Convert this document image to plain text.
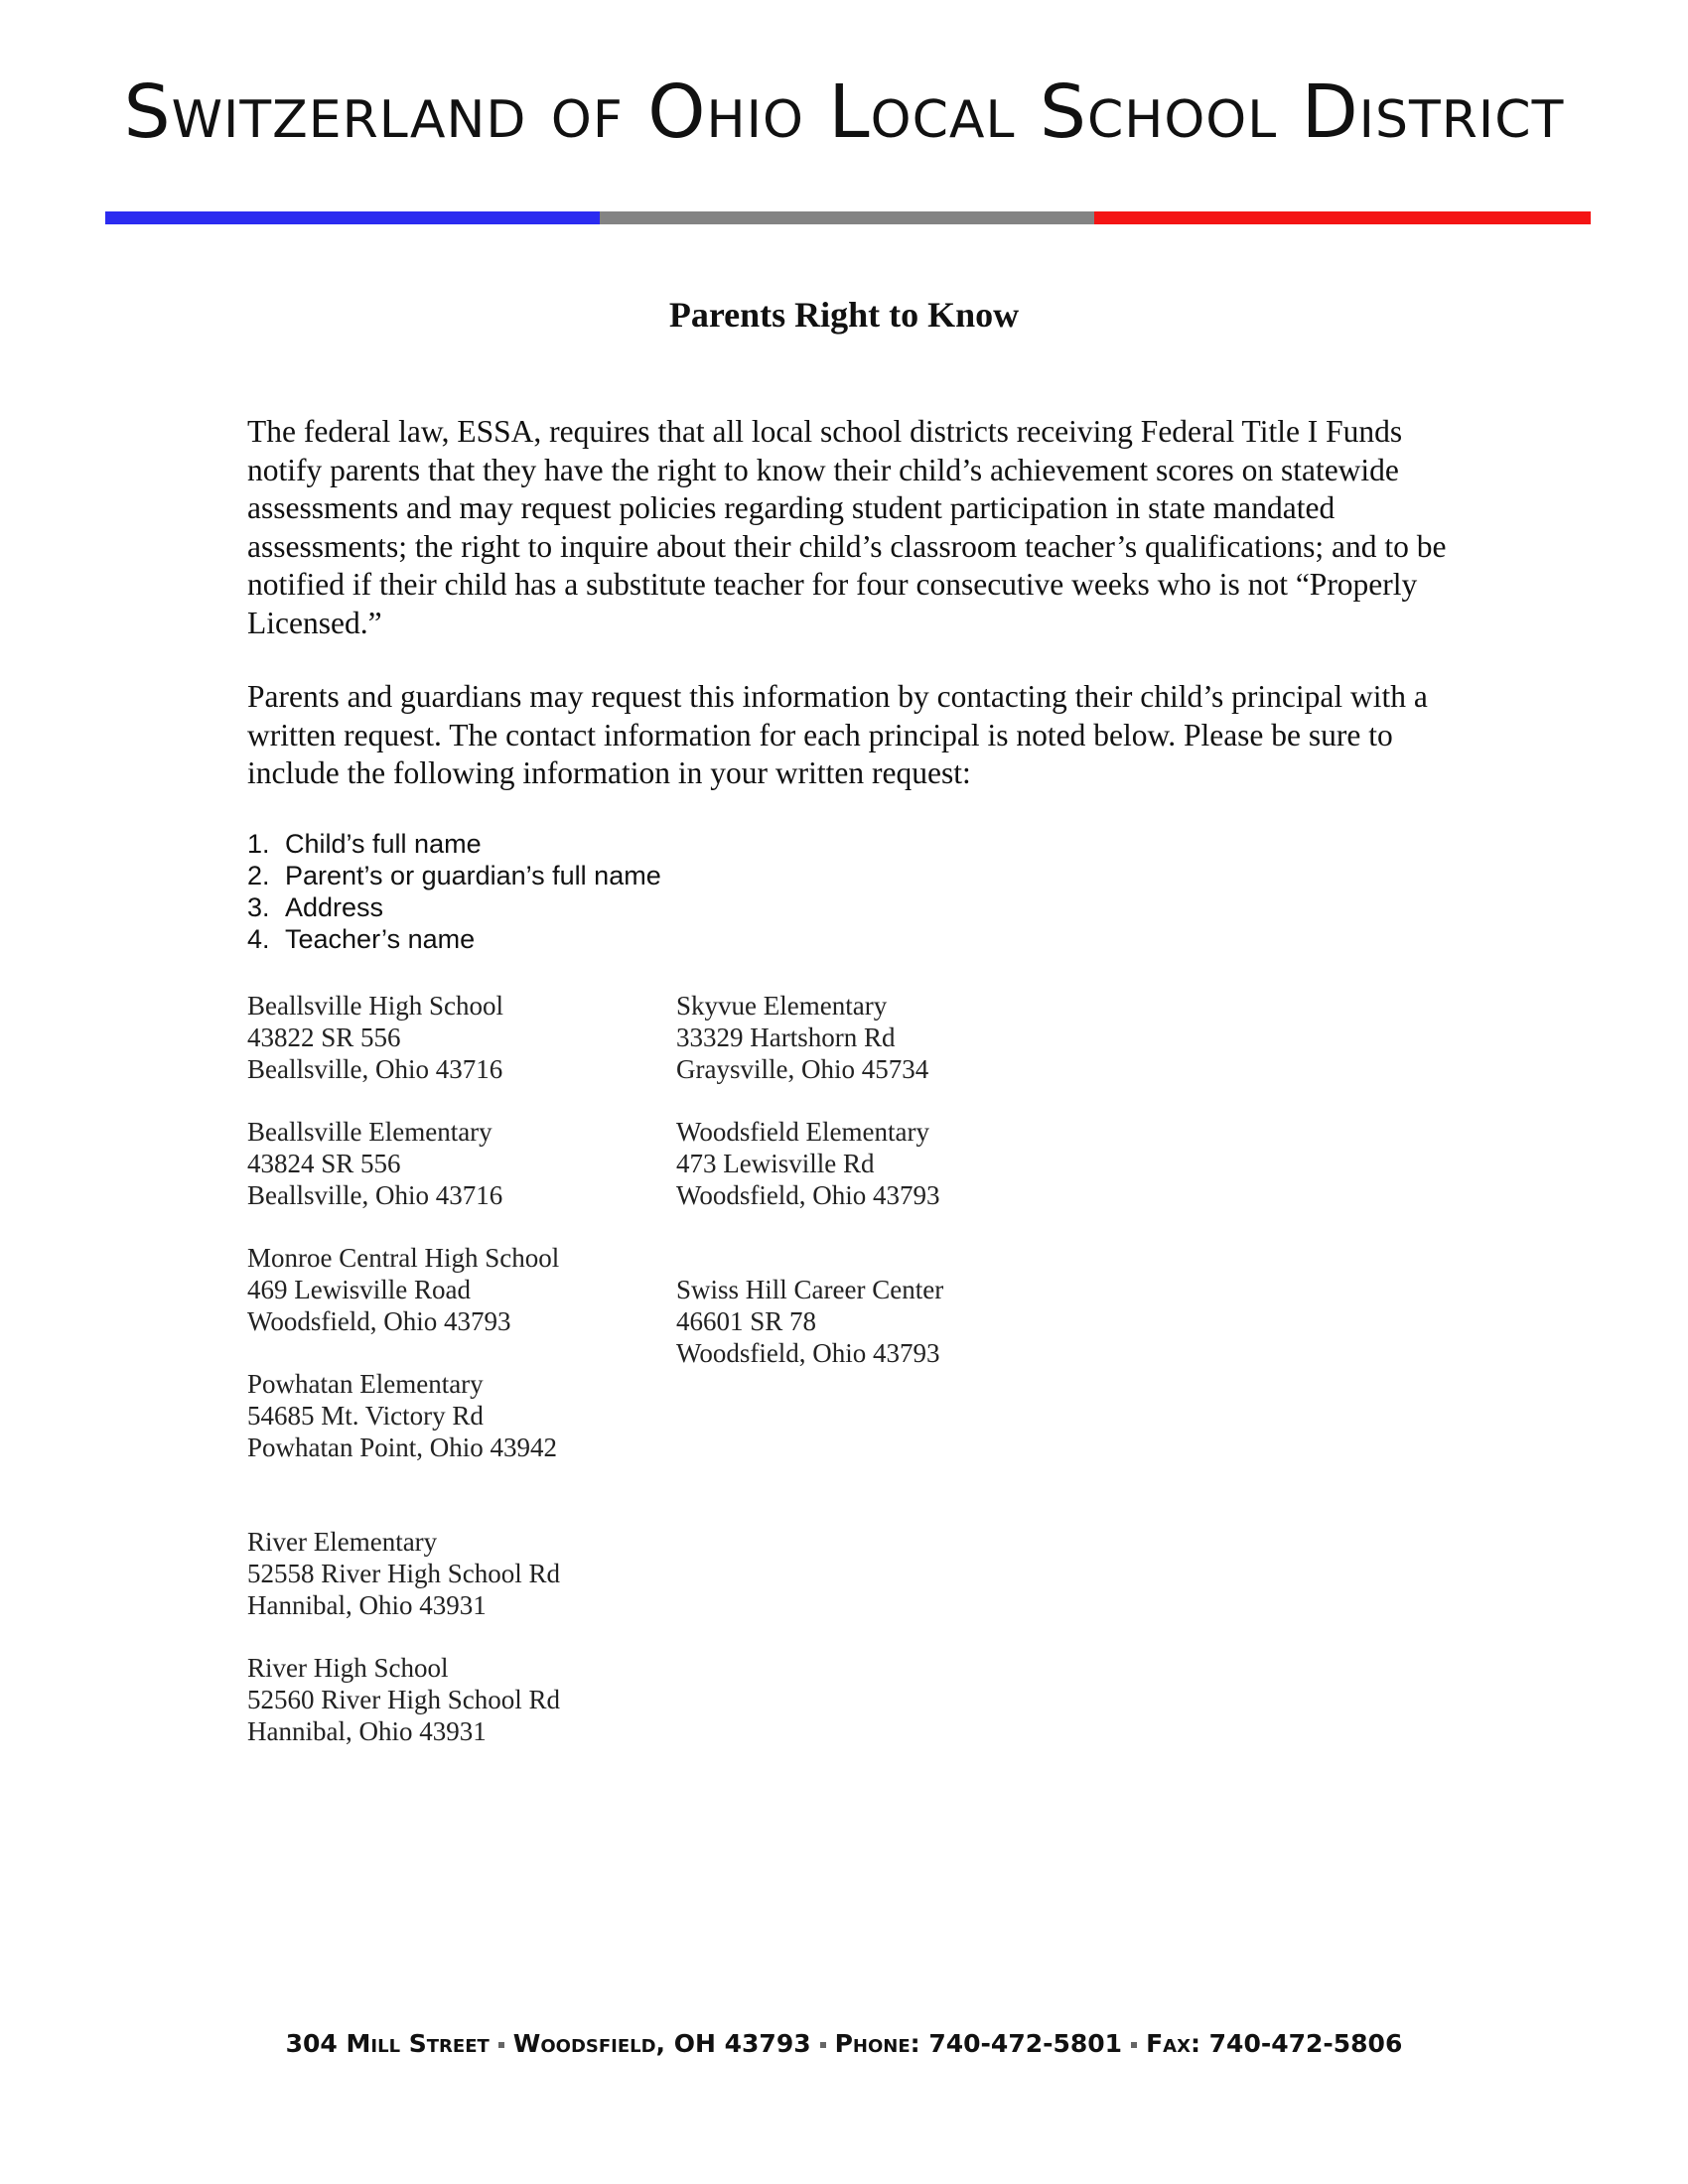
Switzerland of Ohio Local School District
Parents Right to Know

The federal law, ESSA, requires that all local school districts receiving Federal Title I Funds notify parents that they have the right to know their child’s achievement scores on statewide assessments and may request policies regarding student participation in state mandated assessments; the right to inquire about their child’s classroom teacher’s qualifications; and to be notified if their child has a substitute teacher for four consecutive weeks who is not “Properly Licensed.”

Parents and guardians may request this information by contacting their child’s principal with a written request. The contact information for each principal is noted below. Please be sure to include the following information in your written request:

1. Child’s full name
2. Parent’s or guardian’s full name
3. Address
4. Teacher’s name
Beallsville High School
43822 SR 556
Beallsville, Ohio 43716
Beallsville Elementary
43824 SR 556
Beallsville, Ohio 43716
Monroe Central High School
469 Lewisville Road
Woodsfield, Ohio 43793
Powhatan Elementary
54685 Mt. Victory Rd
Powhatan Point, Ohio 43942
River Elementary
52558 River High School Rd
Hannibal, Ohio 43931
River High School
52560 River High School Rd
Hannibal, Ohio 43931
Skyvue Elementary
33329 Hartshorn Rd
Graysville, Ohio 45734
Woodsfield Elementary
473 Lewisville Rd
Woodsfield, Ohio 43793
Swiss Hill Career Center
46601 SR 78
Woodsfield, Ohio 43793
304 Mill Street Woodsfield, OH 43793 Phone: 740-472-5801 Fax: 740-472-5806
